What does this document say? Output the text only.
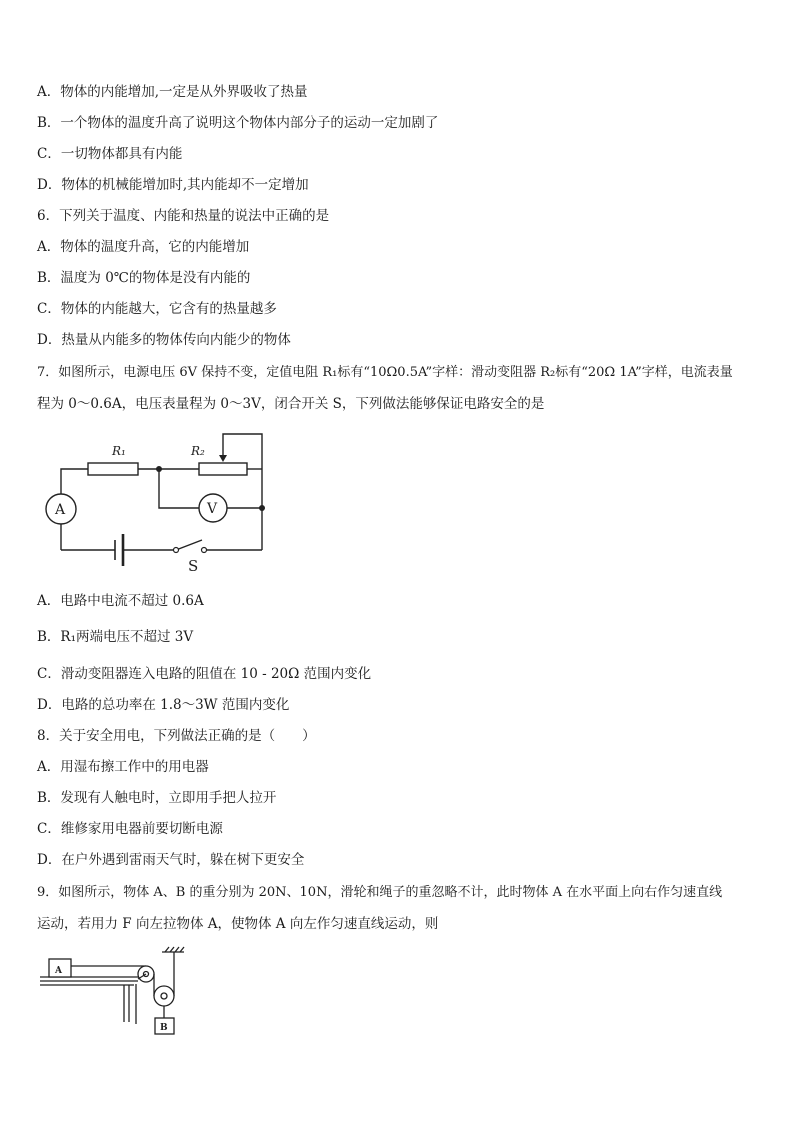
A．物体的内能增加,一定是从外界吸收了热量
B．一个物体的温度升高了说明这个物体内部分子的运动一定加剧了
C．一切物体都具有内能
D．物体的机械能增加时,其内能却不一定增加
6．下列关于温度、内能和热量的说法中正确的是
A．物体的温度升高，它的内能增加
B．温度为 0℃的物体是没有内能的
C．物体的内能越大，它含有的热量越多
D．热量从内能多的物体传向内能少的物体
7．如图所示，电源电压 6V 保持不变，定值电阻 R₁标有“10Ω0.5A”字样：滑动变阻器 R₂标有“20Ω 1A”字样，电流表量
程为 0～0.6A，电压表量程为 0～3V，闭合开关 S，下列做法能够保证电路安全的是
R₁	R₂
A	V
S
A．电路中电流不超过 0.6A
B．R₁两端电压不超过 3V
C．滑动变阻器连入电路的阻值在 10 - 20Ω 范围内变化
D．电路的总功率在 1.8～3W 范围内变化
8．关于安全用电，下列做法正确的是（　　）
A．用湿布擦工作中的用电器
B．发现有人触电时，立即用手把人拉开
C．维修家用电器前要切断电源
D．在户外遇到雷雨天气时，躲在树下更安全
9．如图所示，物体 A、B 的重分别为 20N、10N，滑轮和绳子的重忽略不计，此时物体 A 在水平面上向右作匀速直线
运动，若用力 F 向左拉物体 A，使物体 A 向左作匀速直线运动，则
A
B
